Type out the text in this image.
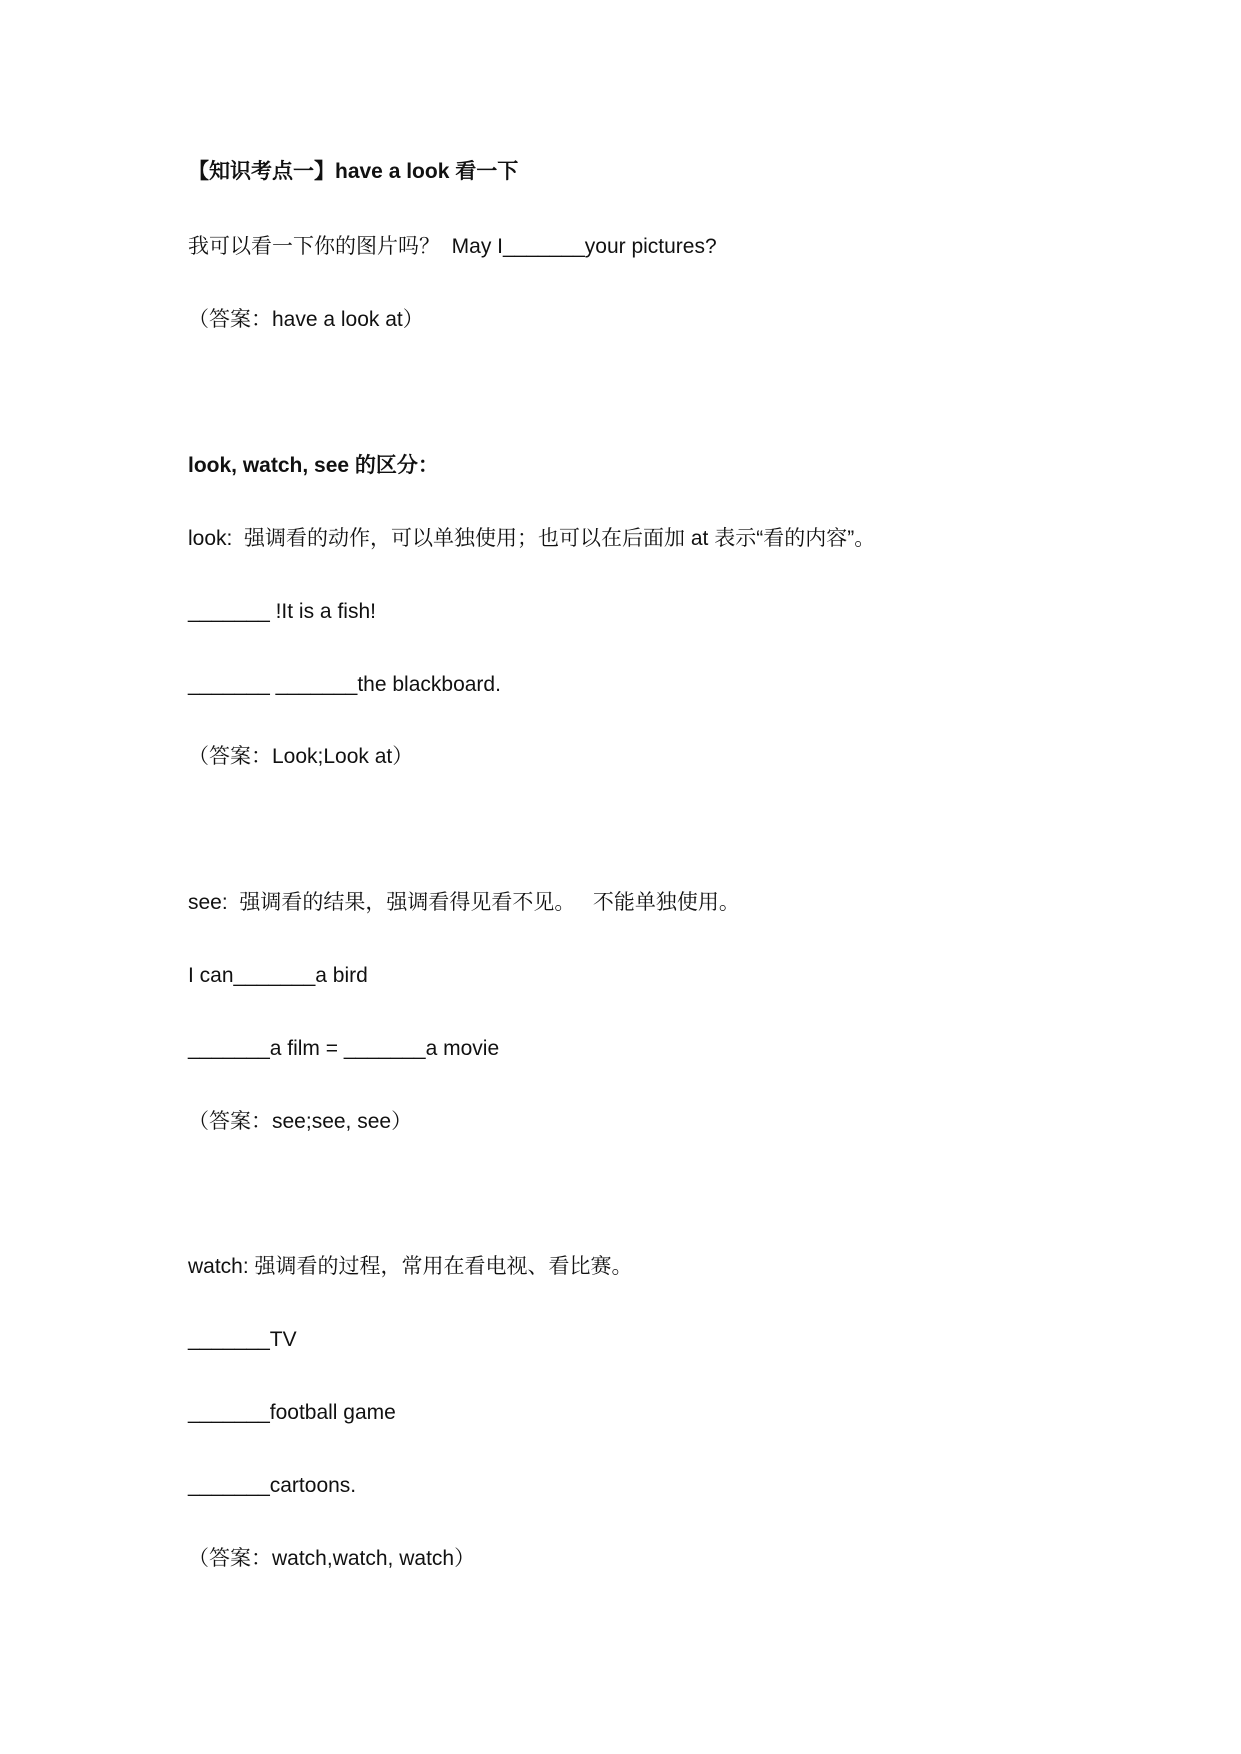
【知识考点一】have a look 看一下
我可以看一下你的图片吗？  May I_______your pictures?
（答案：have a look at）
look, watch, see 的区分：
look:  强调看的动作，可以单独使用；也可以在后面加 at 表示“看的内容”。
_______ !It is a fish!
_______ _______the blackboard.
（答案：Look;Look at）
see:  强调看的结果，强调看得见看不见。   不能单独使用。
I can_______a bird
_______a film = _______a movie
（答案：see;see, see）
watch: 强调看的过程，常用在看电视、看比赛。
_______TV
_______football game
_______cartoons.
（答案：watch,watch, watch）
